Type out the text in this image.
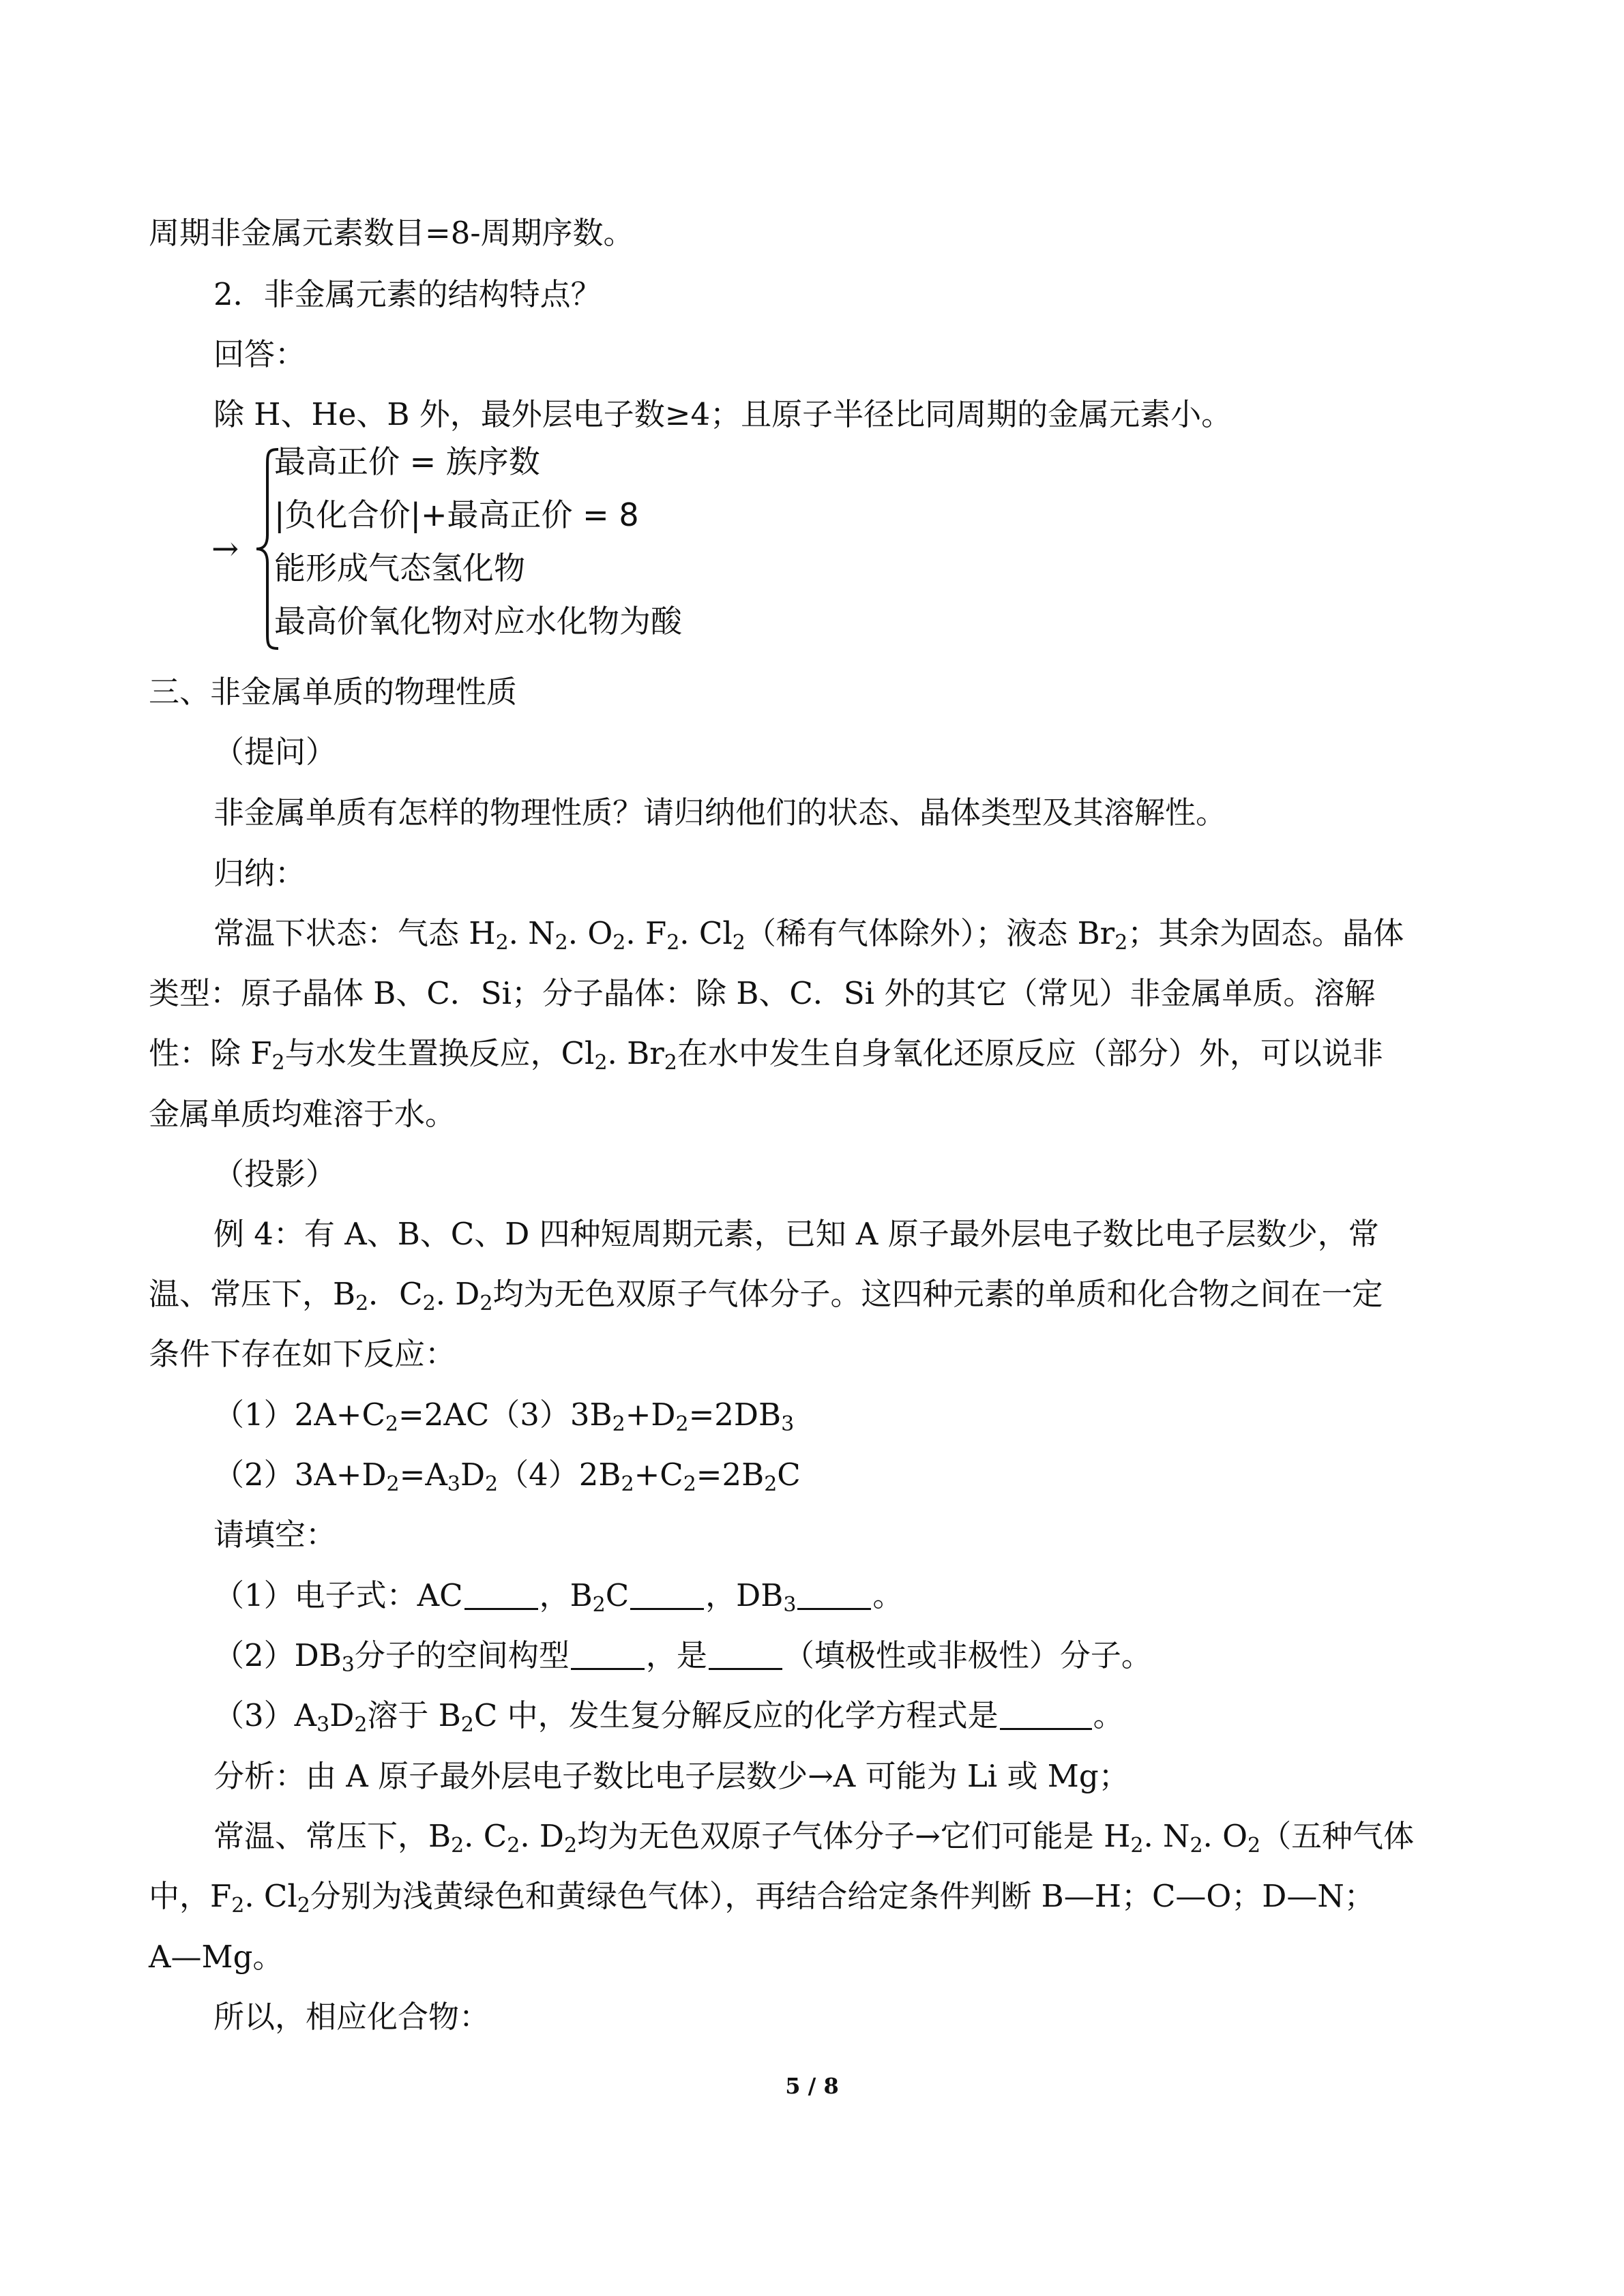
周期非金属元素数目=8-周期序数。
2．非金属元素的结构特点？
回答：
除 H、He、B 外，最外层电子数≥4；且原子半径比同周期的金属元素小。
→
最高正价 = 族序数
|负化合价|+最高正价 = 8
能形成气态氢化物
最高价氧化物对应水化物为酸
三、非金属单质的物理性质
（提问）
非金属单质有怎样的物理性质？请归纳他们的状态、晶体类型及其溶解性。
归纳：
常温下状态：气态 $H_2$. $N_2$. $O_2$. $F_2$. $Cl_2$（稀有气体除外）；液态 $Br_2$；其余为固态。晶体
类型：原子晶体 B、C．Si；分子晶体：除 B、C．Si 外的其它（常见）非金属单质。溶解
性：除 $F_2$与水发生置换反应，$Cl_2$. $Br_2$在水中发生自身氧化还原反应（部分）外，可以说非
金属单质均难溶于水。
（投影）
例 4：有 A、B、C、D 四种短周期元素，已知 A 原子最外层电子数比电子层数少，常
温、常压下，$B_2$．$C_2$. $D_2$均为无色双原子气体分子。这四种元素的单质和化合物之间在一定
条件下存在如下反应：
$(1)2A+C_2=2AC(3)3B_2+D_2=2DB_3$
$(2)3A+D_2=A_3D_2(4)2B_2+C_2=2B_2C$
请填空：
（1）电子式：AC ，$B_2C$ ，$DB_3$ 。
$(2)DB_3$分子的空间构型 ，是 （填极性或非极性）分子。
$(3)A_3D_2$溶于 $B_2C$ 中，发生复分解反应的化学方程式是	。
分析：由 A 原子最外层电子数比电子层数少→A 可能为 Li 或 Mg；
常温、常压下，$B_2$. $C_2$. $D_2$均为无色双原子气体分子→它们可能是 $H_2$. $N_2$. $O_2$（五种气体
中，$F_2$. $Cl_2$分别为浅黄绿色和黄绿色气体），再结合给定条件判断 B—H；C—O；D—N；
A—Mg。
所以，相应化合物：
5 / 8
